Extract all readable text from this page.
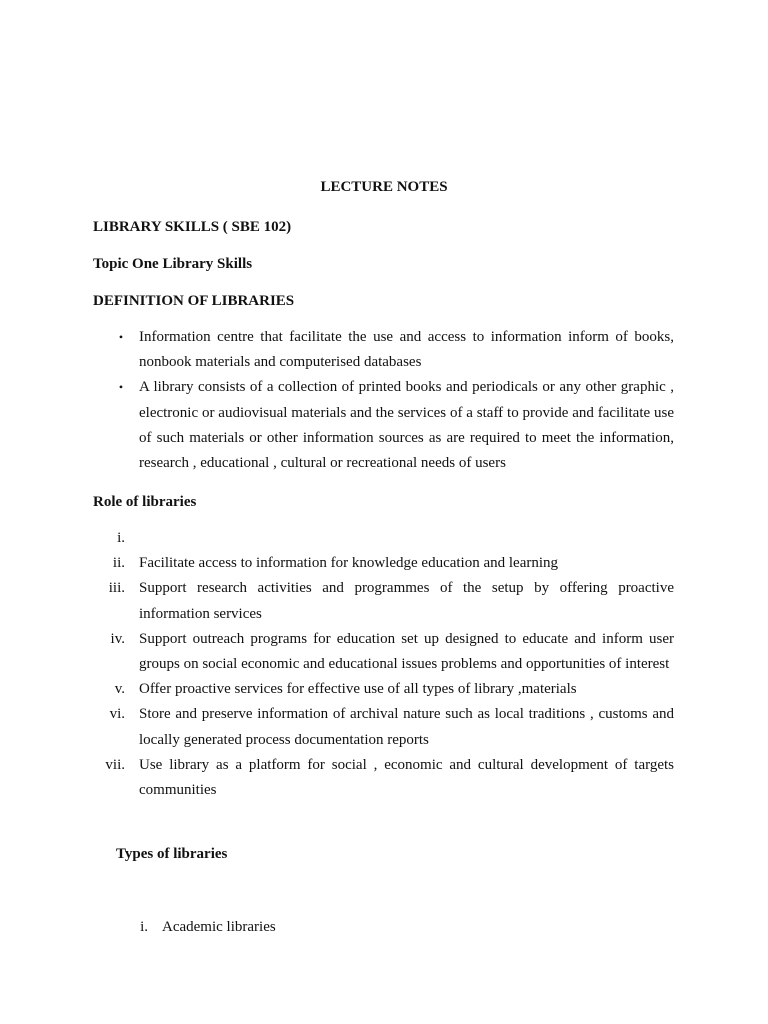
LECTURE NOTES
LIBRARY SKILLS ( SBE 102)
Topic One Library Skills
DEFINITION OF LIBRARIES
• Information centre that facilitate the use and access to information inform of books, nonbook materials and computerised databases
• A library consists of a collection of printed books and periodicals or any other graphic , electronic or audiovisual materials and the services of a staff to provide and facilitate use of such materials or other information sources as are required to meet the information, research , educational , cultural or recreational needs of users
Role of libraries
i.
ii. Facilitate access to information for knowledge education and learning
iii. Support research activities and programmes of the setup by offering proactive information services
iv. Support outreach programs for education set up designed to educate and inform user groups on social economic and educational issues problems and opportunities of interest
v. Offer proactive services for effective use of all types of library ,materials
vi. Store and preserve information of archival nature such as local traditions , customs and locally generated process documentation reports
vii. Use library as a platform for social , economic and cultural development of targets communities
Types of libraries
i. Academic libraries
